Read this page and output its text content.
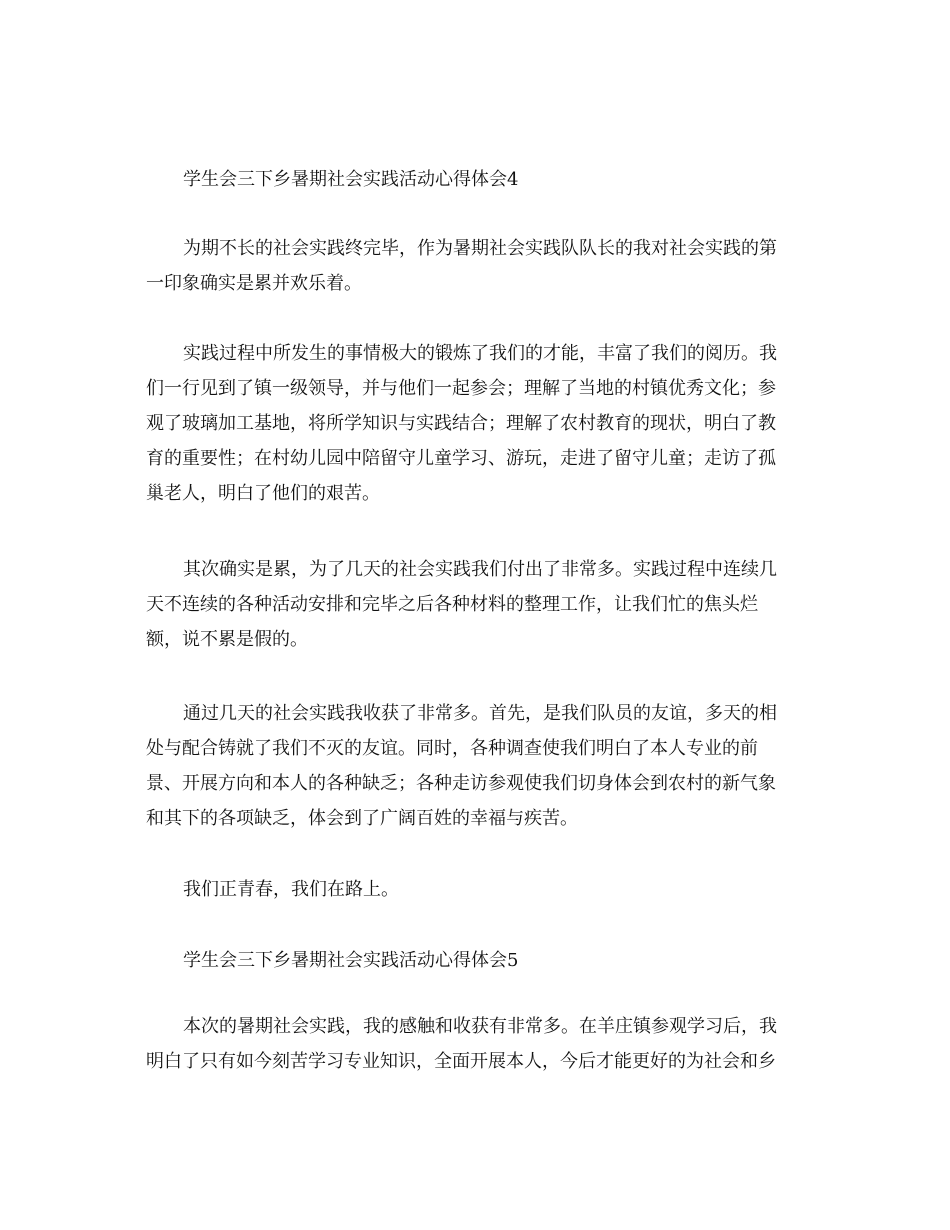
学生会三下乡暑期社会实践活动心得体会4
为期不长的社会实践终完毕，作为暑期社会实践队队长的我对社会实践的第
一印象确实是累并欢乐着。
实践过程中所发生的事情极大的锻炼了我们的才能，丰富了我们的阅历。我
们一行见到了镇一级领导，并与他们一起参会；理解了当地的村镇优秀文化；参
观了玻璃加工基地，将所学知识与实践结合；理解了农村教育的现状，明白了教
育的重要性；在村幼儿园中陪留守儿童学习、游玩，走进了留守儿童；走访了孤
巢老人，明白了他们的艰苦。
其次确实是累，为了几天的社会实践我们付出了非常多。实践过程中连续几
天不连续的各种活动安排和完毕之后各种材料的整理工作，让我们忙的焦头烂
额，说不累是假的。
通过几天的社会实践我收获了非常多。首先，是我们队员的友谊，多天的相
处与配合铸就了我们不灭的友谊。同时，各种调查使我们明白了本人专业的前
景、开展方向和本人的各种缺乏；各种走访参观使我们切身体会到农村的新气象
和其下的各项缺乏，体会到了广阔百姓的幸福与疾苦。
我们正青春，我们在路上。
学生会三下乡暑期社会实践活动心得体会5
本次的暑期社会实践，我的感触和收获有非常多。在羊庄镇参观学习后，我
明白了只有如今刻苦学习专业知识，全面开展本人，今后才能更好的为社会和乡
